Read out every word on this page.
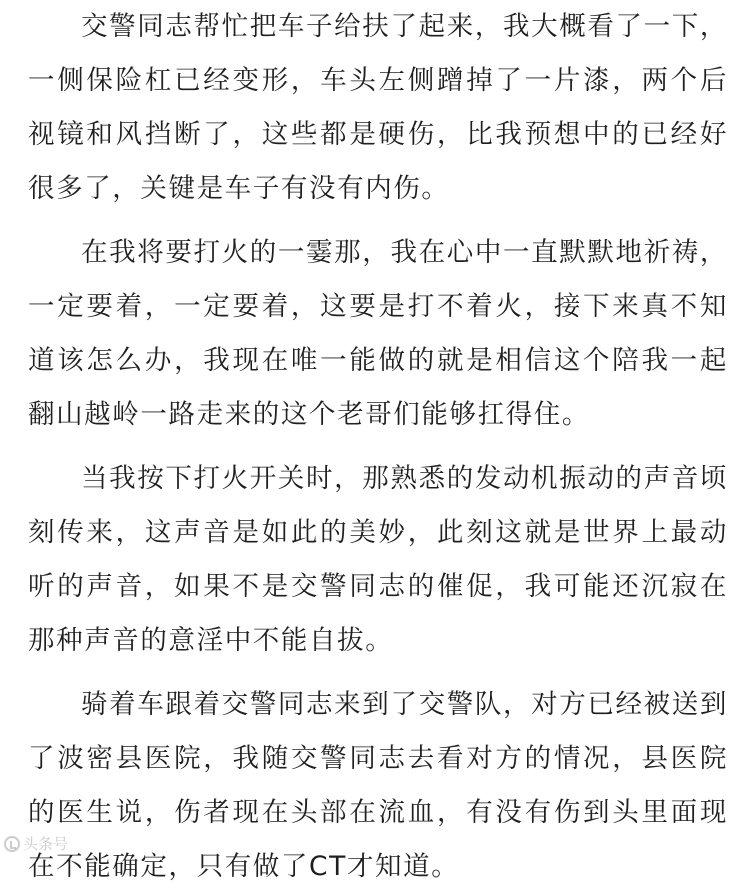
交警同志帮忙把车子给扶了起来，我大概看了一下，一侧保险杠已经变形，车头左侧蹭掉了一片漆，两个后视镜和风挡断了，这些都是硬伤，比我预想中的已经好很多了，关键是车子有没有内伤。

在我将要打火的一霎那，我在心中一直默默地祈祷，一定要着，一定要着，这要是打不着火，接下来真不知道该怎么办，我现在唯一能做的就是相信这个陪我一起翻山越岭一路走来的这个老哥们能够扛得住。

当我按下打火开关时，那熟悉的发动机振动的声音顷刻传来，这声音是如此的美妙，此刻这就是世界上最动听的声音，如果不是交警同志的催促，我可能还沉寂在那种声音的意淫中不能自拔。

骑着车跟着交警同志来到了交警队，对方已经被送到了波密县医院，我随交警同志去看对方的情况，县医院的医生说，伤者现在头部在流血，有没有伤到头里面现在不能确定，只有做了CT才知道。

头条号
